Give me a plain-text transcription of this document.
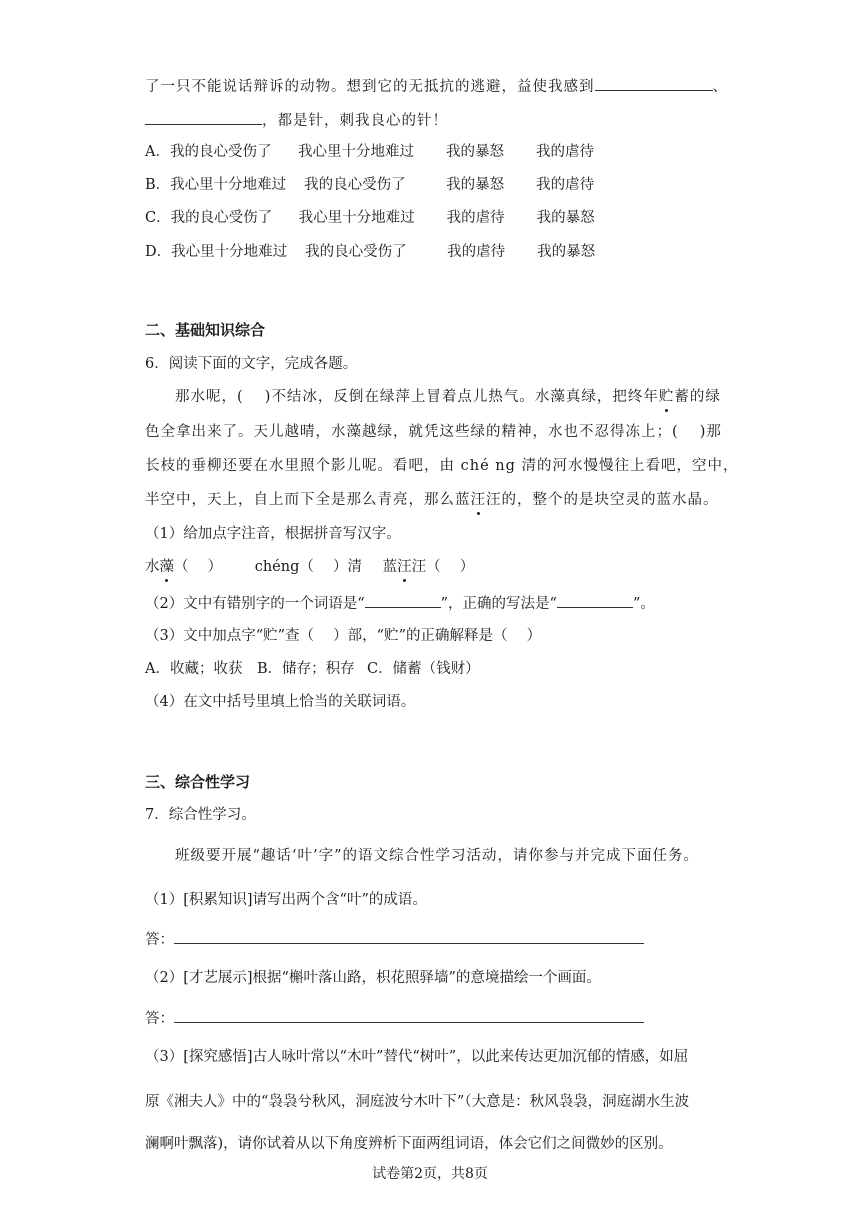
了一只不能说话辩诉的动物。想到它的无抵抗的逃避，益使我感到	、
，都是针，刺我良心的针！
A．我的良心受伤了 我心里十分地难过 我的暴怒 我的虐待
B．我心里十分地难过 我的良心受伤了	我的暴怒 我的虐待
C．我的良心受伤了 我心里十分地难过 我的虐待 我的暴怒
D．我心里十分地难过 我的良心受伤了	我的虐待 我的暴怒
二、基础知识综合
6．阅读下面的文字，完成各题。
那水呢，(　 )不结冰，反倒在绿萍上冒着点儿热气。水藻真绿，把终年贮蓄的绿
色全拿出来了。天儿越晴，水藻越绿，就凭这些绿的精神，水也不忍得冻上；(　 )那
长枝的垂柳还要在水里照个影儿呢。看吧，由 ché ng 清的河水慢慢往上看吧，空中，
半空中，天上，自上而下全是那么青亮，那么蓝汪汪的，整个的是块空灵的蓝水晶。
（1）给加点字注音，根据拼音写汉字。
水藻（　 ） chéng（　 ）清 蓝汪汪（　 ）
（2）文中有错别字的一个词语是“	”，正确的写法是“	”。
（3）文中加点字“贮”查（　 ）部，“贮”的正确解释是（　 ）
A．收藏；收获 B．储存；积存 C．储蓄（钱财）
（4）在文中括号里填上恰当的关联词语。
三、综合性学习
7．综合性学习。
班级要开展“趣话‘叶’字”的语文综合性学习活动，请你参与并完成下面任务。
（1）[积累知识]请写出两个含“叶”的成语。
答：
（2）[才艺展示]根据“槲叶落山路，枳花照驿墙”的意境描绘一个画面。
答：
（3）[探究感悟]古人咏叶常以“木叶”替代“树叶”，以此来传达更加沉郁的情感，如屈
原《湘夫人》中的“袅袅兮秋风，洞庭波兮木叶下”（大意是：秋风袅袅，洞庭湖水生波
澜啊叶飘落)，请你试着从以下角度辨析下面两组词语，体会它们之间微妙的区别。
试卷第2页，共8页
